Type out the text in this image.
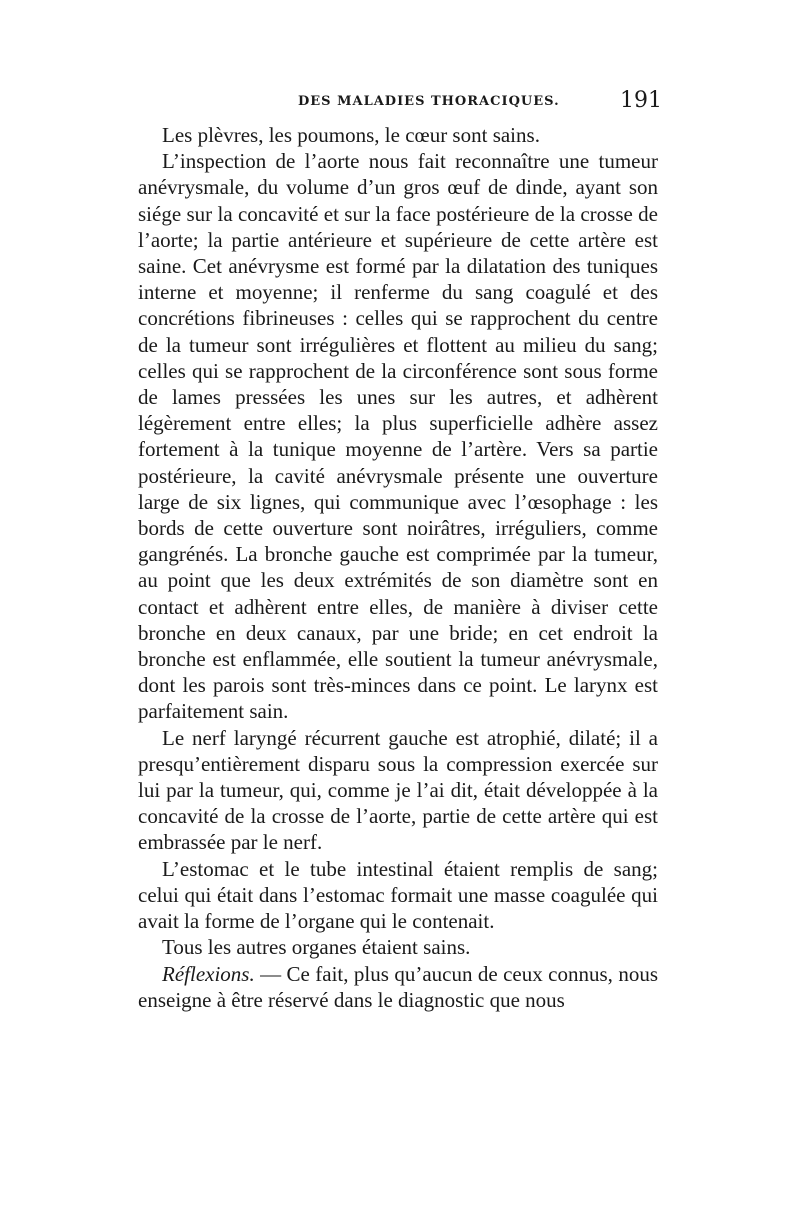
DES MALADIES THORACIQUES.	191

Les plèvres, les poumons, le cœur sont sains.

L’inspection de l’aorte nous fait reconnaître une tumeur anévrysmale, du volume d’un gros œuf de dinde, ayant son siége sur la concavité et sur la face postérieure de la crosse de l’aorte; la partie antérieure et supérieure de cette artère est saine. Cet anévrysme est formé par la dilatation des tuniques interne et moyenne; il renferme du sang coagulé et des concrétions fibrineuses : celles qui se rapprochent du centre de la tumeur sont irrégulières et flottent au milieu du sang; celles qui se rapprochent de la circonférence sont sous forme de lames pressées les unes sur les autres, et adhèrent légèrement entre elles; la plus superficielle adhère assez fortement à la tunique moyenne de l’artère. Vers sa partie postérieure, la cavité anévrysmale présente une ouverture large de six lignes, qui communique avec l’œsophage : les bords de cette ouverture sont noirâtres, irréguliers, comme gangrénés. La bronche gauche est comprimée par la tumeur, au point que les deux extrémités de son diamètre sont en contact et adhèrent entre elles, de manière à diviser cette bronche en deux canaux, par une bride; en cet endroit la bronche est enflammée, elle soutient la tumeur anévrysmale, dont les parois sont très-minces dans ce point. Le larynx est parfaitement sain.

Le nerf laryngé récurrent gauche est atrophié, dilaté; il a presqu’entièrement disparu sous la compression exercée sur lui par la tumeur, qui, comme je l’ai dit, était développée à la concavité de la crosse de l’aorte, partie de cette artère qui est embrassée par le nerf.

L’estomac et le tube intestinal étaient remplis de sang; celui qui était dans l’estomac formait une masse coagulée qui avait la forme de l’organe qui le contenait.

Tous les autres organes étaient sains.

Réflexions. — Ce fait, plus qu’aucun de ceux connus, nous enseigne à être réservé dans le diagnostic que nous
